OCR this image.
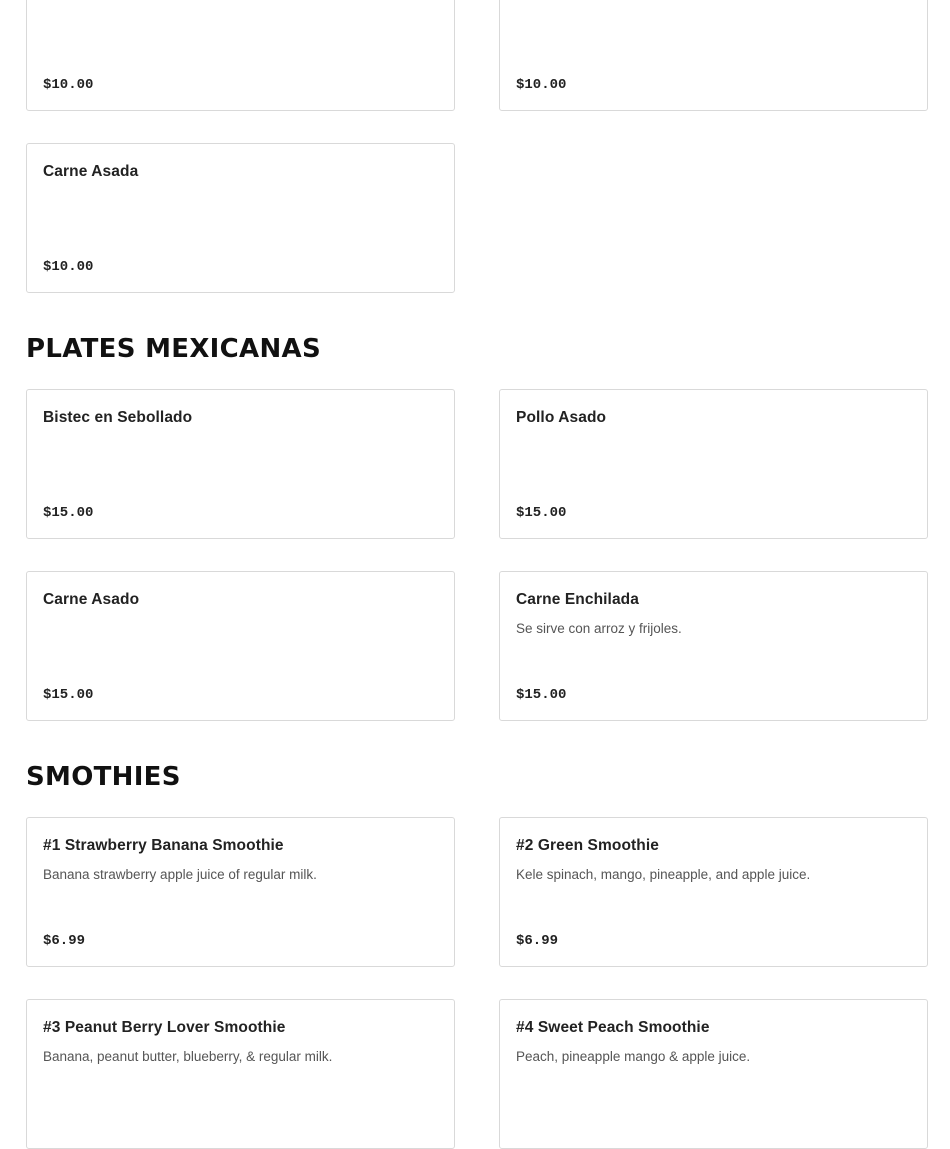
$10.00	$10.00
Carne Asada
$10.00
PLATES MEXICANAS
Bistec en Sebollado
$15.00
Pollo Asado
$15.00
Carne Asado
$15.00
Carne Enchilada
Se sirve con arroz y frijoles.
$15.00
SMOTHIES
#1 Strawberry Banana Smoothie
Banana strawberry apple juice of regular milk.
$6.99
#2 Green Smoothie
Kele spinach, mango, pineapple, and apple juice.
$6.99
#3 Peanut Berry Lover Smoothie
Banana, peanut butter, blueberry, & regular milk.
#4 Sweet Peach Smoothie
Peach, pineapple mango & apple juice.
